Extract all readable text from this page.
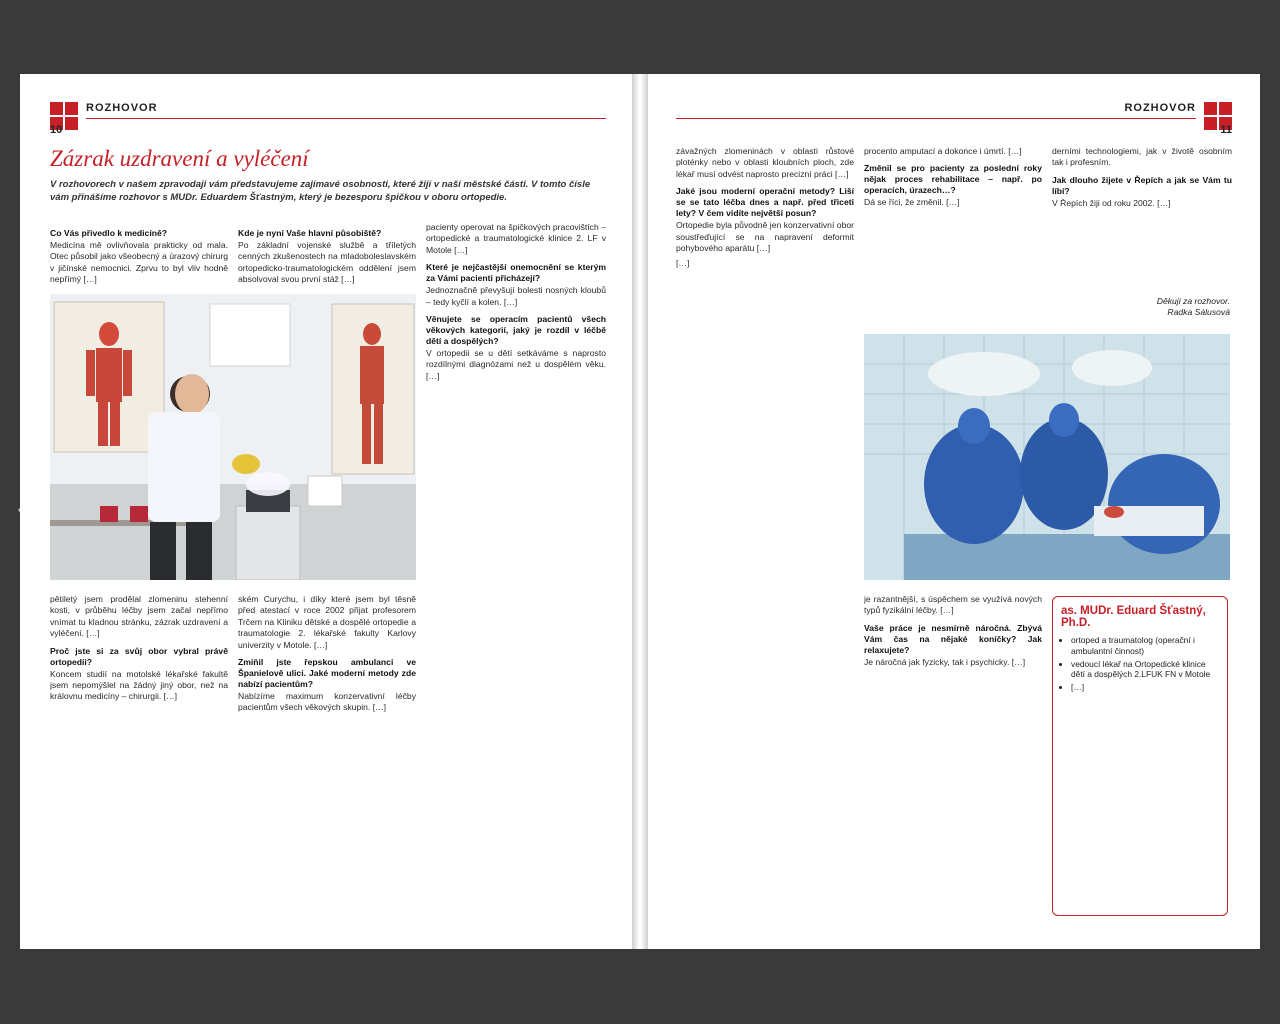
ROZHOVOR
10
Zázrak uzdravení a vyléčení

V rozhovorech v našem zpravodaji vám představujeme zajímavé osobnosti, které žijí v naší městské části. V tomto čísle vám přinášíme rozhovor s MUDr. Eduardem Šťastným, který je bezesporu špičkou v oboru ortopedie.

Co Vás přivedlo k medicíně?

Medicína mě ovlivňovala prakticky od mala. Otec působil jako všeobecný a úrazový chirurg v jičínské nemocnici. Zprvu to byl vliv hodně nepřímý […]

Kde je nyní Vaše hlavní působiště?

Po základní vojenské službě a tříletých cenných zkušenostech na mladoboleslavském ortopedicko-traumatologickém oddělení jsem absolvoval svou první stáž […]

pacienty operovat na špičkových pracovištích – ortopedické a traumatologické klinice 2. LF v Motole […]

Které je nejčastější onemocnění se kterým za Vámi pacienti přicházejí?

Jednoznačně převyšují bolesti nosných kloubů – tedy kyčlí a kolen. […]

Věnujete se operacím pacientů všech věkových kategorií, jaký je rozdíl v léčbě dětí a dospělých?

V ortopedii se u dětí setkáváme s naprosto rozdílnými diagnózami než u dospělém věku. […]

pětiletý jsem prodělal zlomeninu stehenní kosti, v průběhu léčby jsem začal nepřímo vnímat tu kladnou stránku, zázrak uzdravení a vyléčení. […]

Proč jste si za svůj obor vybral právě ortopedii?

Koncem studií na motolské lékařské fakultě jsem nepomýšlel na žádný jiný obor, než na královnu medicíny – chirurgii. […]

ském Curychu, i díky které jsem byl těsně před atestací v roce 2002 přijat profesorem Trčem na Kliniku dětské a dospělé ortopedie a traumatologie 2. lékařské fakulty Karlovy univerzity v Motole. […]

Zmiňil jste řepskou ambulanci ve Španielově ulici. Jaké moderní metody zde nabízí pacientům?

Nabízíme maximum konzervativní léčby pacientům všech věkových skupin. […]

ROZHOVOR
11

závažných zlomeninách v oblasti růstové ploténky nebo v oblasti kloubních ploch, zde lékař musí odvést naprosto precizní práci […]

Jaké jsou moderní operační metody? Liší se se tato léčba dnes a např. před třiceti lety? V čem vidíte největší posun?

Ortopedie byla původně jen konzervativní obor soustřeďující se na napravení deformit pohybového aparátu […]

[…]

procento amputací a dokonce i úmrtí. […]

Změnil se pro pacienty za poslední roky nějak proces rehabilitace – např. po operacích, úrazech…?

Dá se říci, že změnil. […]

derními technologiemi, jak v životě osobním tak i profesním.

Jak dlouho žijete v Řepích a jak se Vám tu líbí?

V Řepích žiji od roku 2002. […]

Děkuji za rozhovor.
Radka Sálusová

je razantnější, s úspěchem se využívá nových typů fyzikální léčby. […]

Vaše práce je nesmírně náročná. Zbývá Vám čas na nějaké koníčky? Jak relaxujete?

Je náročná jak fyzicky, tak i psychicky. […]

as. MUDr. Eduard Šťastný, Ph.D.
• ortoped a traumatolog (operační i ambulantní činnost)
• vedoucí lékař na Ortopedické klinice dětí a dospělých 2.LFUK FN v Motole
• […]
